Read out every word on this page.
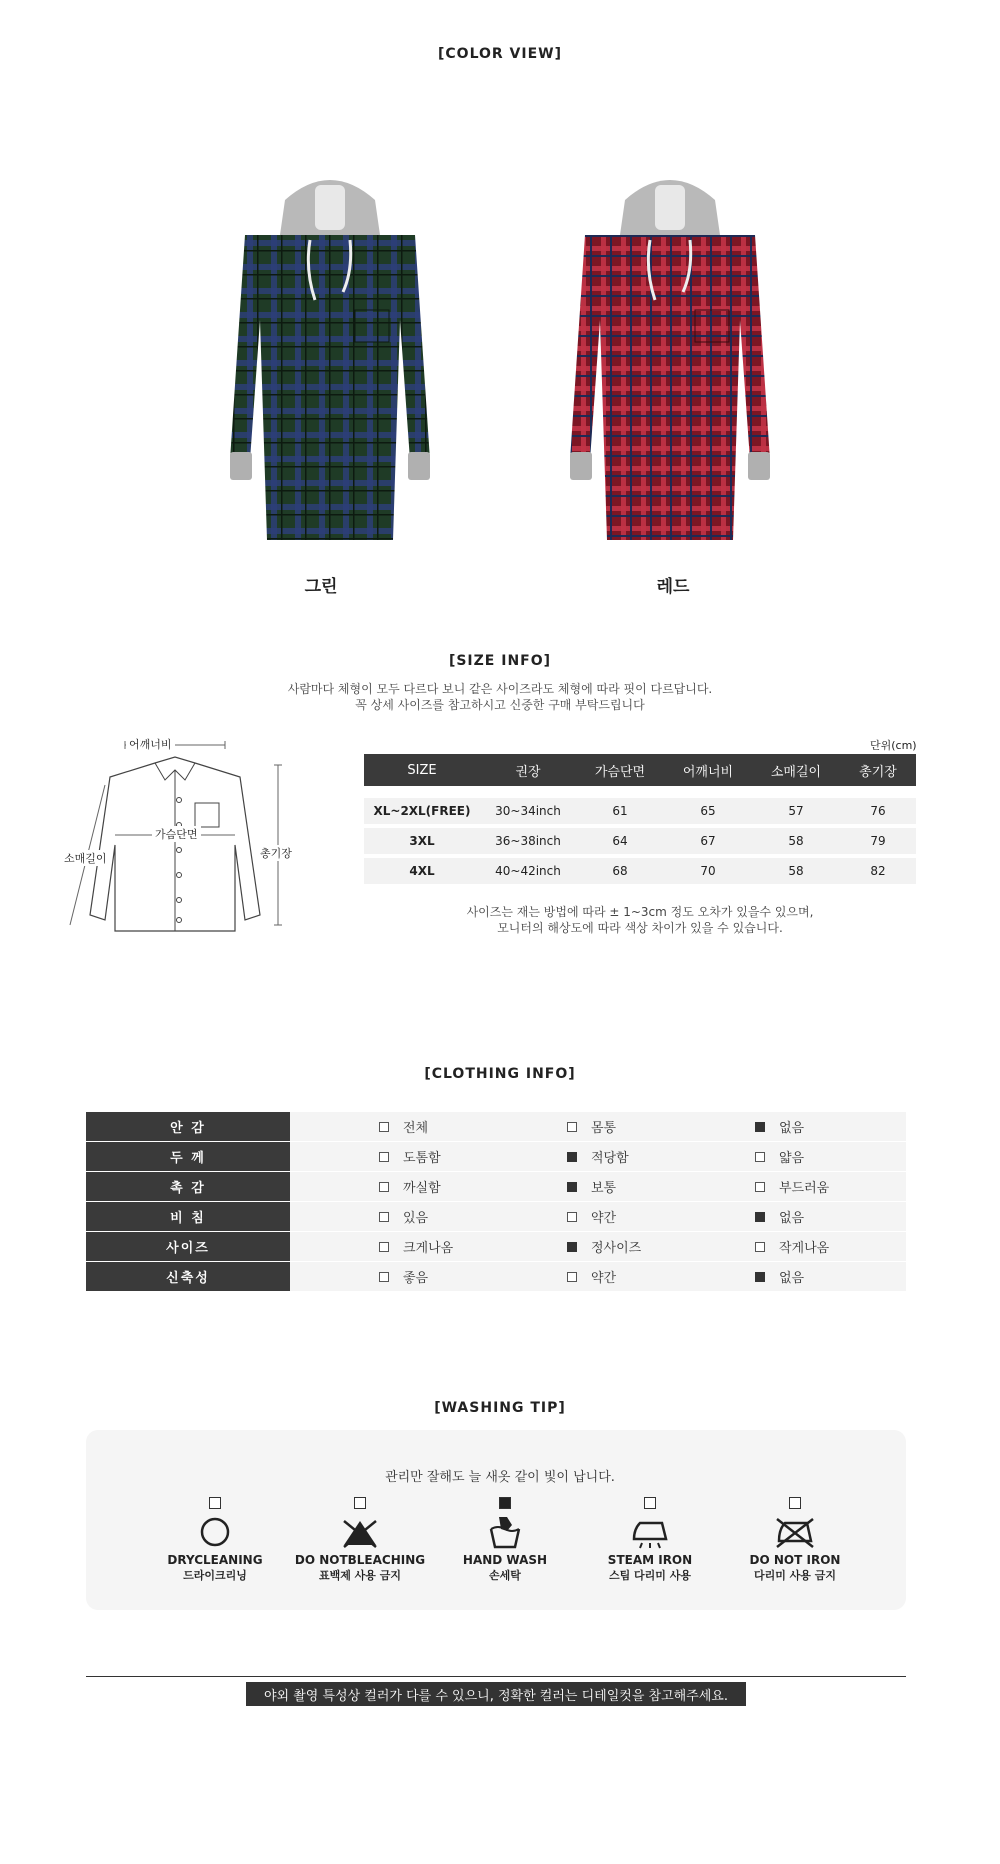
[COLOR VIEW]
그린	레드
[SIZE INFO]
사람마다 체형이 모두 다르다 보니 같은 사이즈라도 체형에 따라 핏이 다르답니다.
꼭 상세 사이즈를 참고하시고 신중한 구매 부탁드립니다
어깨너비
가슴단면
소매길이	총기장
단위(cm)
SIZE	권장	가슴단면	어깨너비	소매길이	총기장
XL~2XL(FREE)	30~34inch	61	65	57	76
3XL	36~38inch	64	67	58	79
4XL	40~42inch	68	70	58	82
사이즈는 재는 방법에 따라 ± 1~3cm 정도 오차가 있을수 있으며,
모니터의 해상도에 따라 색상 차이가 있을 수 있습니다.
[CLOTHING INFO]
안 감	전체	몸통	없음
두 께	도톰함	적당함	얇음
촉 감	까실함	보통	부드러움
비 침	있음	약간	없음
사이즈	크게나옴	정사이즈	작게나옴
신축성	좋음	약간	없음
[WASHING TIP]
관리만 잘해도 늘 새옷 같이 빛이 납니다.
DRYCLEANING
드라이크리닝
DO NOTBLEACHING
표백제 사용 금지
HAND WASH
손세탁
STEAM IRON
스팀 다리미 사용
DO NOT IRON
다리미 사용 금지
야외 촬영 특성상 컬러가 다를 수 있으니, 정확한 컬러는 디테일컷을 참고해주세요.
